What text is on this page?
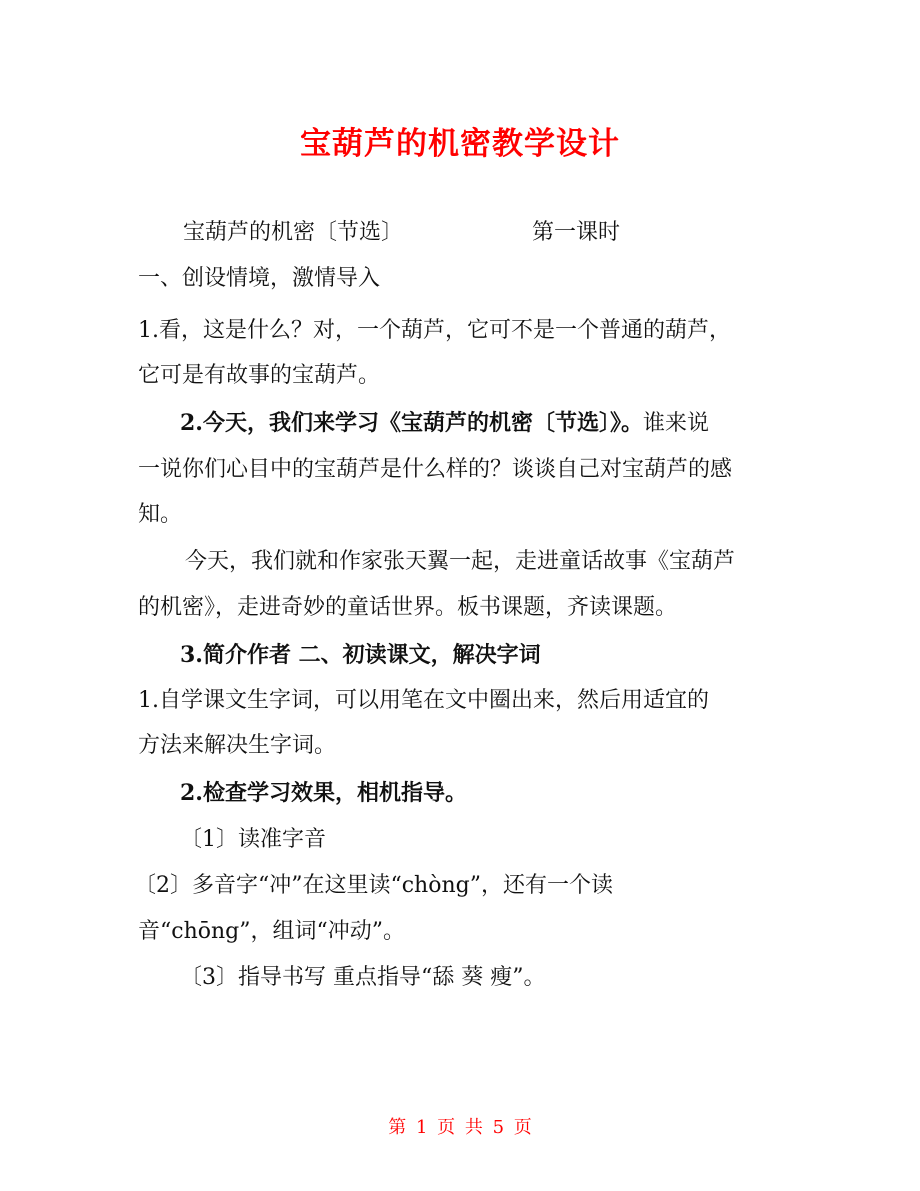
宝葫芦的机密教学设计
宝葫芦的机密〔节选〕	第一课时
一、创设情境，激情导入
1.看，这是什么？对，一个葫芦，它可不是一个普通的葫芦，
它可是有故事的宝葫芦。
2.今天，我们来学习《宝葫芦的机密〔节选〕》。谁来说
一说你们心目中的宝葫芦是什么样的？谈谈自己对宝葫芦的感
知。
今天，我们就和作家张天翼一起，走进童话故事《宝葫芦
的机密》，走进奇妙的童话世界。板书课题，齐读课题。
3.简介作者 二、初读课文，解决字词
1.自学课文生字词，可以用笔在文中圈出来，然后用适宜的
方法来解决生字词。
2.检查学习效果，相机指导。
〔1〕读准字音
〔2〕多音字“冲”在这里读“chòng”，还有一个读
音“chōng”，组词“冲动”。
〔3〕指导书写 重点指导“舔 葵 瘦”。
第 1 页 共 5 页
